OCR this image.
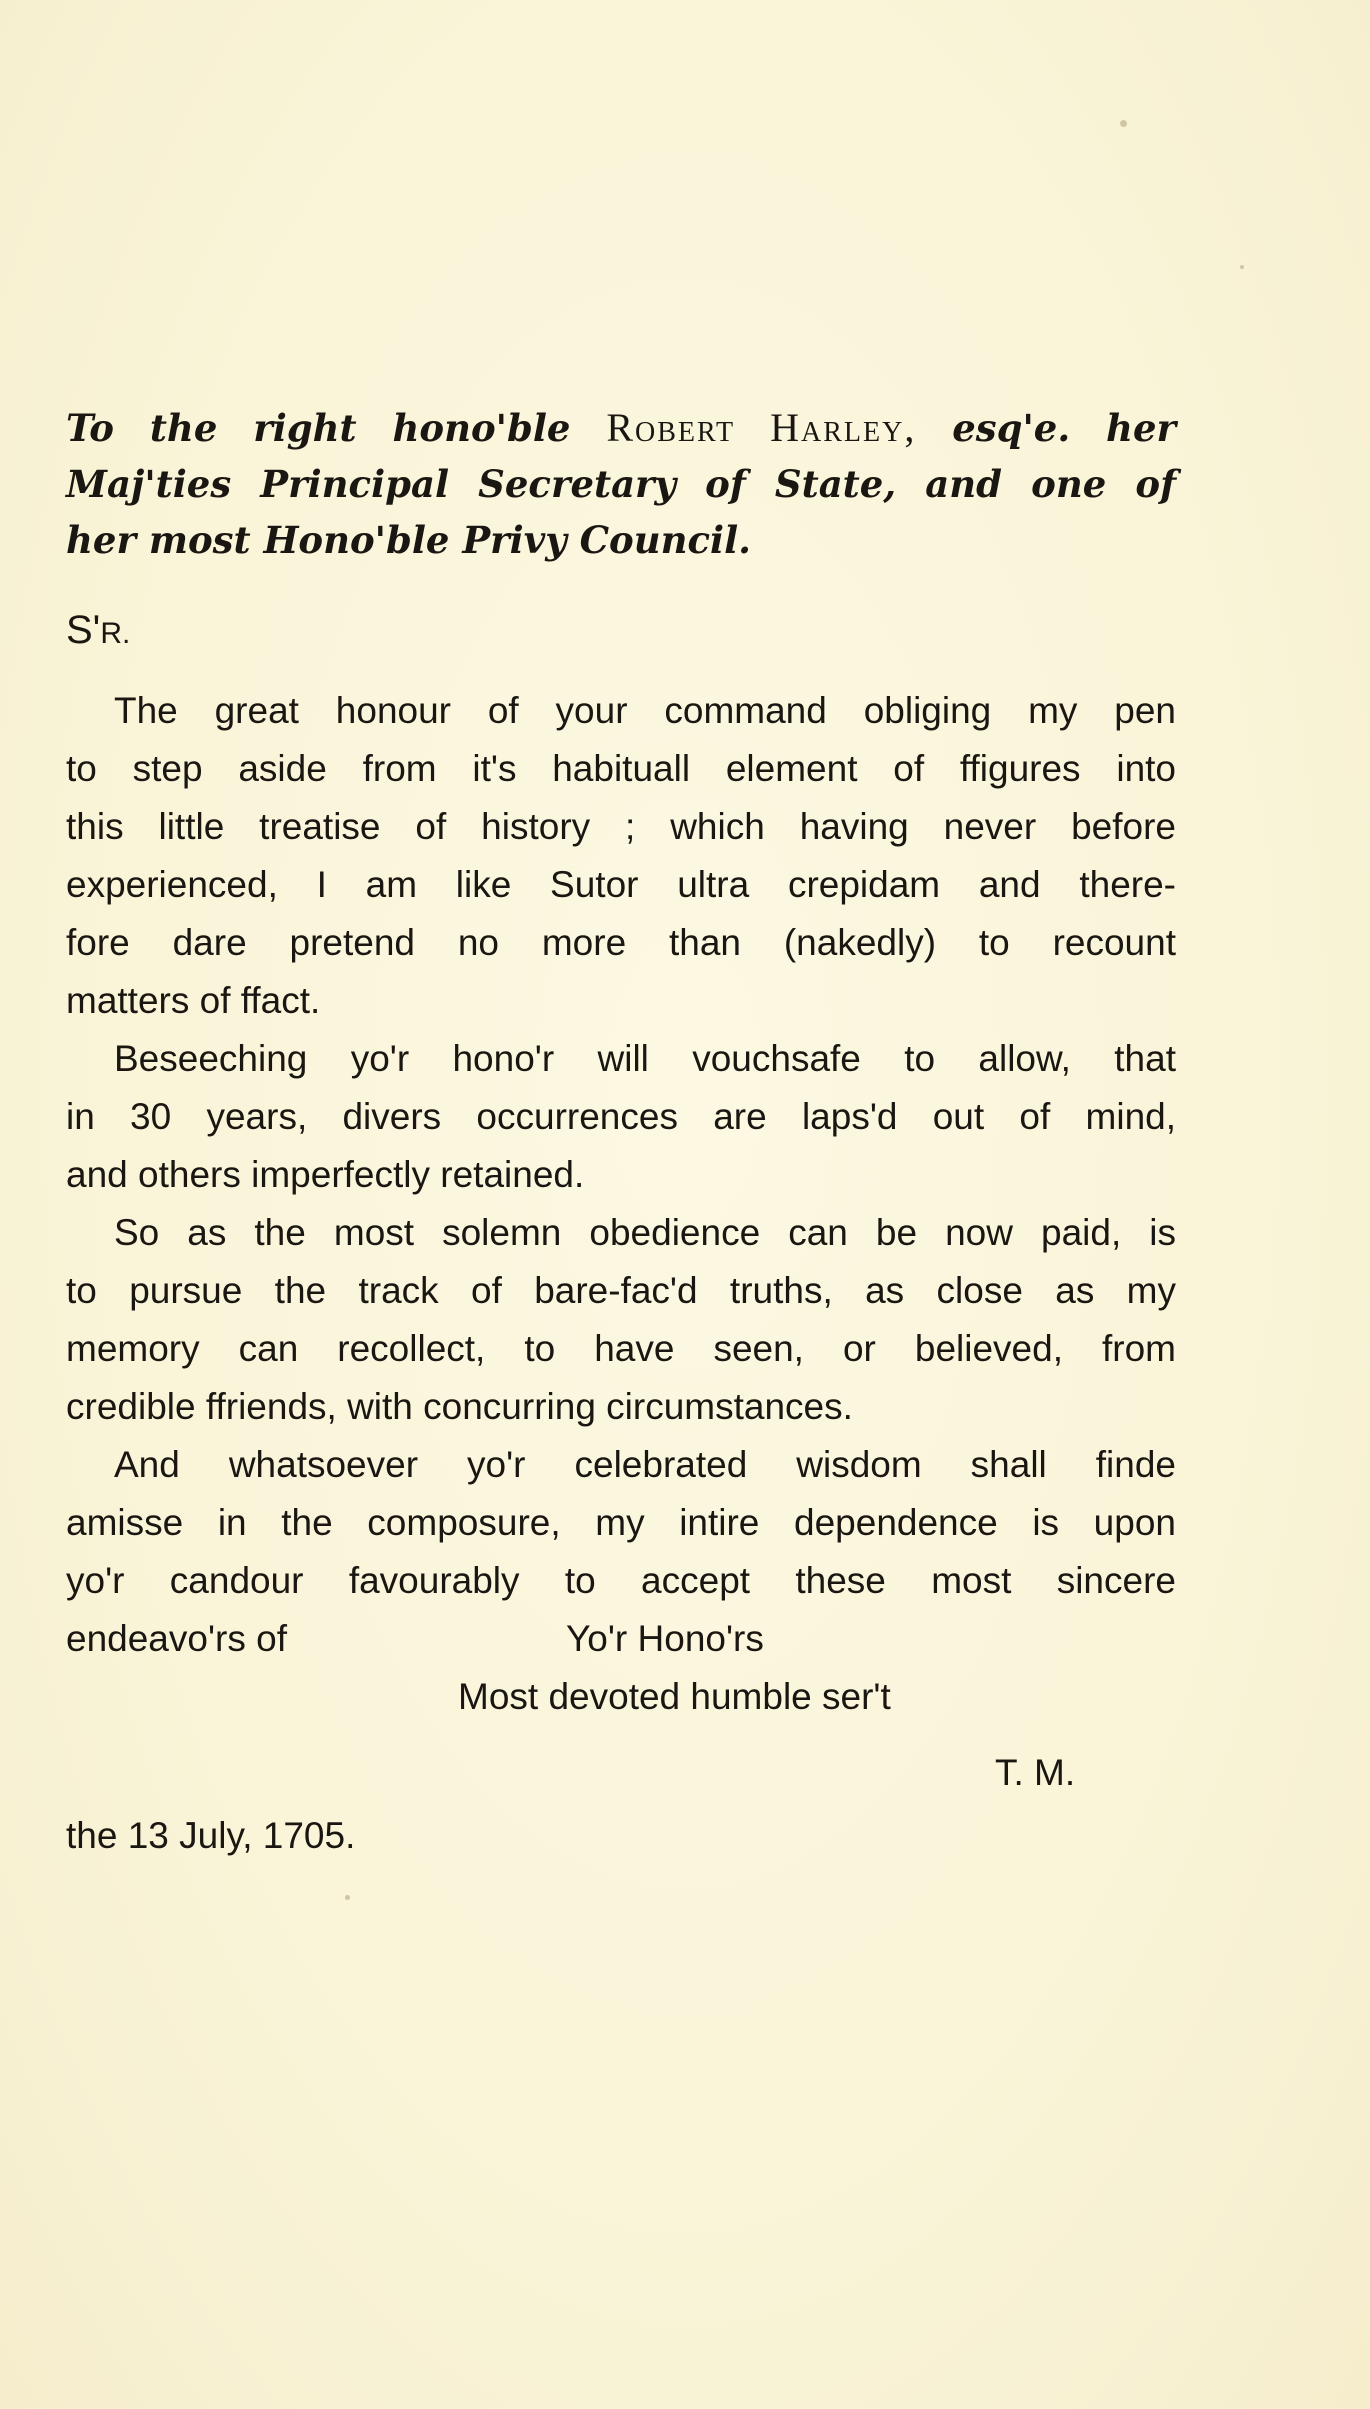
To the right hono'ble Robert Harley, esq'e. her
Maj'ties Principal Secretary of State, and one of
her most Hono'ble Privy Council.
S'R.
The great honour of your command obliging my pen
to step aside from it's habituall element of ffigures into
this little treatise of history ; which having never before
experienced, I am like Sutor ultra crepidam and there-
fore dare pretend no more than (nakedly) to recount
matters of ffact.
Beseeching yo'r hono'r will vouchsafe to allow, that
in 30 years, divers occurrences are laps'd out of mind,
and others imperfectly retained.
So as the most solemn obedience can be now paid, is
to pursue the track of bare-fac'd truths, as close as my
memory can recollect, to have seen, or believed, from
credible ffriends, with concurring circumstances.
And whatsoever yo'r celebrated wisdom shall finde
amisse in the composure, my intire dependence is upon
yo'r candour favourably to accept these most sincere
endeavo'rs of	Yo'r Hono'rs
Most devoted humble ser't
T. M.
the 13 July, 1705.
